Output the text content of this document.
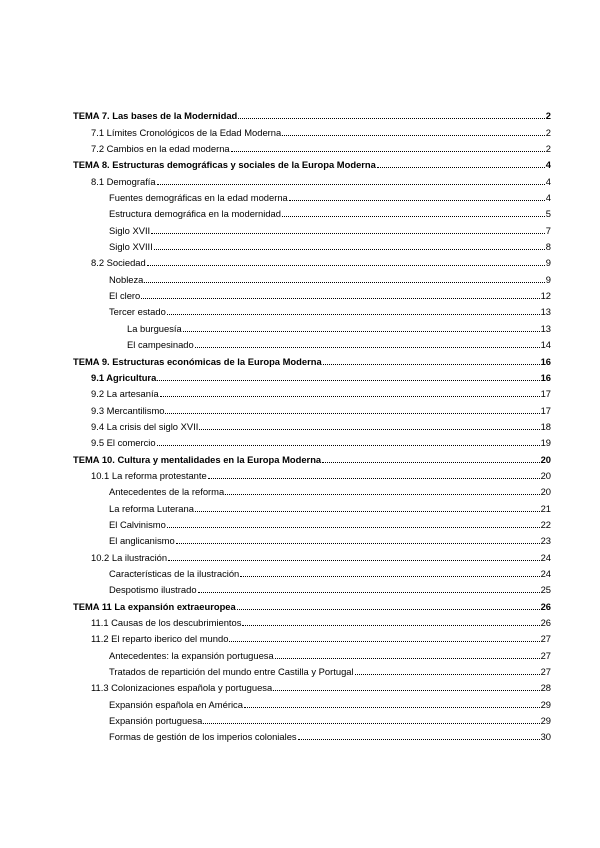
TEMA 7. Las bases de la Modernidad	2
7.1 Límites Cronológicos de la Edad Moderna	2
7.2 Cambios en la edad moderna	2
TEMA 8. Estructuras demográficas y sociales de la Europa Moderna	4
8.1 Demografía	4
Fuentes demográficas en la edad moderna	4
Estructura demográfica en la modernidad	5
Siglo XVII	7
Siglo XVIII	8
8.2 Sociedad	9
Nobleza	9
El clero	12
Tercer estado	13
La burguesía	13
El campesinado	14
TEMA 9. Estructuras económicas de la Europa Moderna	16
9.1 Agricultura	16
9.2 La artesanía	17
9.3 Mercantilismo	17
9.4 La crisis del siglo XVII	18
9.5 El comercio	19
TEMA 10. Cultura y mentalidades en la Europa Moderna	20
10.1 La reforma protestante	20
Antecedentes de la reforma	20
La reforma Luterana	21
El Calvinismo	22
El anglicanismo	23
10.2 La ilustración	24
Características de la ilustración	24
Despotismo ilustrado	25
TEMA 11 La expansión extraeuropea	26
11.1 Causas de los descubrimientos	26
11.2 El reparto iberico del mundo	27
Antecedentes: la expansión portuguesa	27
Tratados de repartición del mundo entre Castilla y Portugal	27
11.3 Colonizaciones española y portuguesa	28
Expansión española en América	29
Expansión portuguesa	29
Formas de gestión de los imperios coloniales	30
